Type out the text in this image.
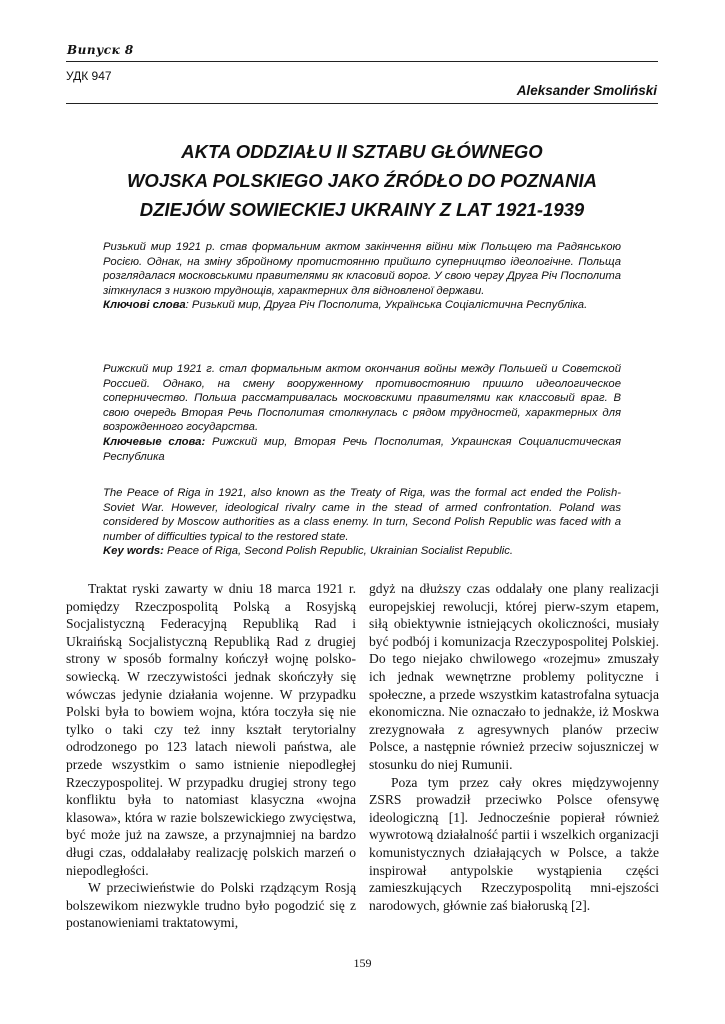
Випуск 8
УДК 947
Aleksander Smoliński
AKTA ODDZIAŁU II SZTABU GŁÓWNEGO
WOJSKA POLSKIEGO JAKO ŹRÓDŁO DO POZNANIA
DZIEJÓW SOWIECKIEJ UKRAINY Z LAT 1921-1939

Ризький мир 1921 р. став формальним актом закінчення війни між Польщею та Радянською Росією. Однак, на зміну збройному протистоянню прийшло суперництво ідеологічне. Польща розглядалася московськими правителями як класовий ворог. У свою чергу Друга Річ Посполита зіткнулася з низкою труднощів, характерних для відновленої держави.

Ключові слова: Ризький мир, Друга Річ Посполита, Українська Соціалістична Республіка.

Рижский мир 1921 г. стал формальным актом окончания войны между Польшей и Советской Россией. Однако, на смену вооруженному противостоянию пришло идеологическое соперничество. Польша рассматривалась московскими правителями как классовый враг. В свою очередь Вторая Речь Посполитая столкнулась с рядом трудностей, характерных для возрожденного государства.

Ключевые слова: Рижский мир, Вторая Речь Посполитая, Украинская Социалистическая Республика

The Peace of Riga in 1921, also known as the Treaty of Riga, was the formal act ended the Polish-Soviet War. However, ideological rivalry came in the stead of armed confrontation. Poland was considered by Moscow authorities as a class enemy. In turn, Second Polish Republic was faced with a number of difficulties typical to the restored state.

Key words: Peace of Riga, Second Polish Republic, Ukrainian Socialist Republic.

Traktat ryski zawarty w dniu 18 marca 1921 r. pomiędzy Rzeczpospolitą Polską a Rosyjską Socjalistyczną Federacyjną Republiką Rad i Ukraińską Socjalistyczną Republiką Rad z drugiej strony w sposób formalny kończył wojnę polsko-sowiecką. W rzeczywistości jednak skończyły się wówczas jedynie działania wojenne. W przypadku Polski była to bowiem wojna, która toczyła się nie tylko o taki czy też inny kształt terytorialny odrodzonego po 123 latach niewoli państwa, ale przede wszystkim o samo istnienie niepodległej Rzeczypospolitej. W przypadku drugiej strony tego konfliktu była to natomiast klasyczna «wojna klasowa», która w razie bolszewickiego zwycięstwa, być może już na zawsze, a przynajmniej na bardzo długi czas, oddalałaby realizację polskich marzeń o niepodległości.

W przeciwieństwie do Polski rządzącym Rosją bolszewikom niezwykle trudno było pogodzić się z postanowieniami traktatowymi,

gdyż na dłuższy czas oddalały one plany realizacji europejskiej rewolucji, której pierw-szym etapem, siłą obiektywnie istniejących okoliczności, musiały być podbój i komunizacja Rzeczypospolitej Polskiej. Do tego niejako chwilowego «rozejmu» zmuszały ich jednak wewnętrzne problemy polityczne i społeczne, a przede wszystkim katastrofalna sytuacja ekonomiczna. Nie oznaczało to jednakże, iż Moskwa zrezygnowała z agresywnych planów przeciw Polsce, a następnie również przeciw sojuszniczej w stosunku do niej Rumunii.

Poza tym przez cały okres międzywojenny ZSRS prowadził przeciwko Polsce ofensywę ideologiczną [1]. Jednocześnie popierał również wywrotową działalność partii i wszelkich organizacji komunistycznych działających w Polsce, a także inspirował antypolskie wystąpienia części zamieszkujących Rzeczypospolitą mni-ejszości narodowych, głównie zaś białoruską [2].

159
